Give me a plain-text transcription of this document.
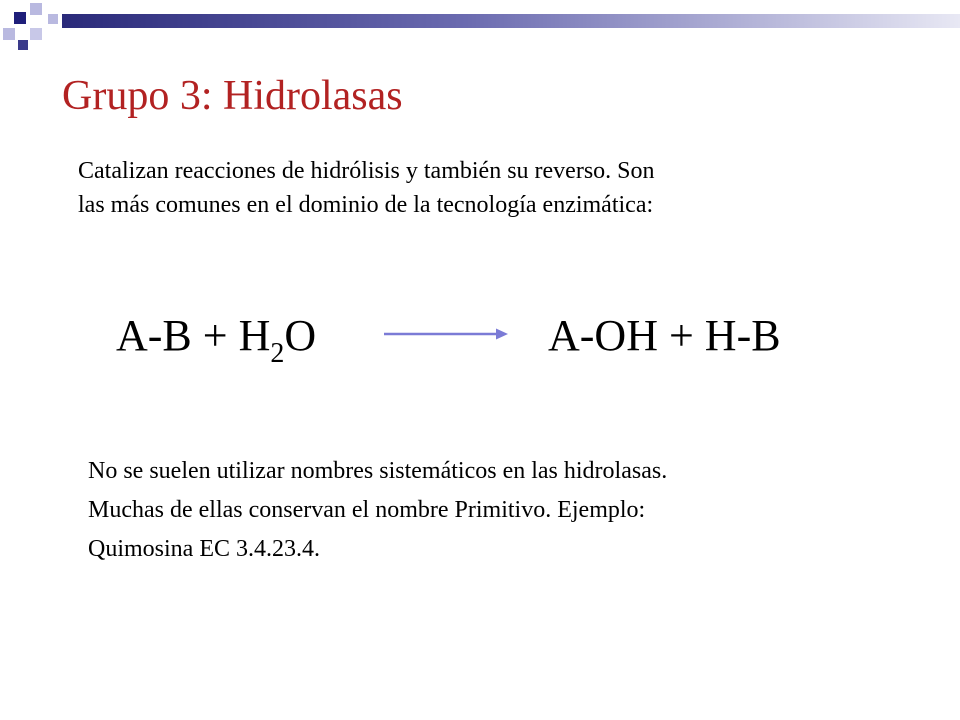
Grupo 3: Hidrolasas
Catalizan reacciones de hidrólisis y también su reverso. Son
las más comunes en el dominio de la tecnología enzimática:
$A-B + H_2O \to A-OH + H-B$
No se suelen utilizar nombres sistemáticos en las hidrolasas.
Muchas de ellas conservan el nombre Primitivo. Ejemplo:
Quimosina EC 3.4.23.4.
